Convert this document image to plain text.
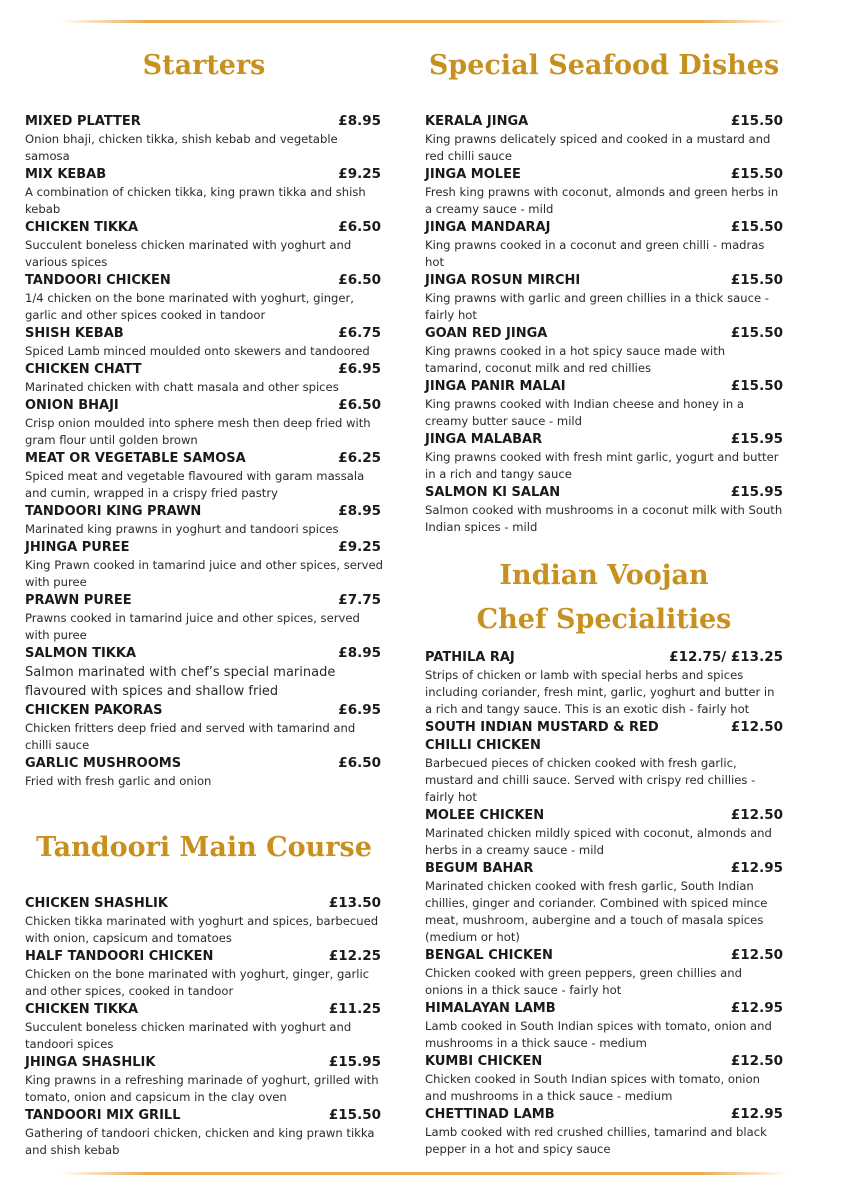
Starters
MIXED PLATTER	£8.95

Onion bhaji, chicken tikka, shish kebab and vegetable samosa

MIX KEBAB	£9.25

A combination of chicken tikka, king prawn tikka and shish kebab

CHICKEN TIKKA	£6.50

Succulent boneless chicken marinated with yoghurt and various spices

TANDOORI CHICKEN	£6.50

1/4 chicken on the bone marinated with yoghurt, ginger, garlic and other spices cooked in tandoor

SHISH KEBAB	£6.75

Spiced Lamb minced moulded onto skewers and tandoored

CHICKEN CHATT	£6.95

Marinated chicken with chatt masala and other spices

ONION BHAJI	£6.50

Crisp onion moulded into sphere mesh then deep fried with gram flour until golden brown

MEAT OR VEGETABLE SAMOSA	£6.25

Spiced meat and vegetable flavoured with garam massala and cumin, wrapped in a crispy fried pastry

TANDOORI KING PRAWN	£8.95

Marinated king prawns in yoghurt and tandoori spices

JHINGA PUREE	£9.25

King Prawn cooked in tamarind juice and other spices, served with puree

PRAWN PUREE	£7.75

Prawns cooked in tamarind juice and other spices, served with puree

SALMON TIKKA	£8.95

Salmon marinated with chef’s special marinade flavoured with spices and shallow fried

CHICKEN PAKORAS	£6.95

Chicken fritters deep fried and served with tamarind and chilli sauce

GARLIC MUSHROOMS	£6.50

Fried with fresh garlic and onion

Tandoori Main Course
CHICKEN SHASHLIK	£13.50

Chicken tikka marinated with yoghurt and spices, barbecued with onion, capsicum and tomatoes

HALF TANDOORI CHICKEN	£12.25

Chicken on the bone marinated with yoghurt, ginger, garlic and other spices, cooked in tandoor

CHICKEN TIKKA	£11.25

Succulent boneless chicken marinated with yoghurt and tandoori spices

JHINGA SHASHLIK	£15.95

King prawns in a refreshing marinade of yoghurt, grilled with tomato, onion and capsicum in the clay oven

TANDOORI MIX GRILL	£15.50

Gathering of tandoori chicken, chicken and king prawn tikka and shish kebab

Special Seafood Dishes
KERALA JINGA	£15.50

King prawns delicately spiced and cooked in a mustard and red chilli sauce

JINGA MOLEE	£15.50

Fresh king prawns with coconut, almonds and green herbs in a creamy sauce - mild

JINGA MANDARAJ	£15.50

King prawns cooked in a coconut and green chilli - madras hot

JINGA ROSUN MIRCHI	£15.50

King prawns with garlic and green chillies in a thick sauce - fairly hot

GOAN RED JINGA	£15.50

King prawns cooked in a hot spicy sauce made with tamarind, coconut milk and red chillies

JINGA PANIR MALAI	£15.50

King prawns cooked with Indian cheese and honey in a creamy butter sauce - mild

JINGA MALABAR	£15.95

King prawns cooked with fresh mint garlic, yogurt and butter in a rich and tangy sauce

SALMON KI SALAN	£15.95

Salmon cooked with mushrooms in a coconut milk with South Indian spices - mild

Indian Voojan
Chef Specialities
PATHILA RAJ	£12.75/ £13.25

Strips of chicken or lamb with special herbs and spices including coriander, fresh mint, garlic, yoghurt and butter in a rich and tangy sauce. This is an exotic dish - fairly hot

SOUTH INDIAN MUSTARD & RED	£12.50
CHILLI CHICKEN

Barbecued pieces of chicken cooked with fresh garlic, mustard and chilli sauce. Served with crispy red chillies - fairly hot

MOLEE CHICKEN	£12.50

Marinated chicken mildly spiced with coconut, almonds and herbs in a creamy sauce - mild

BEGUM BAHAR	£12.95

Marinated chicken cooked with fresh garlic, South Indian chillies, ginger and coriander. Combined with spiced mince meat, mushroom, aubergine and a touch of masala spices (medium or hot)

BENGAL CHICKEN	£12.50

Chicken cooked with green peppers, green chillies and onions in a thick sauce - fairly hot

HIMALAYAN LAMB	£12.95

Lamb cooked in South Indian spices with tomato, onion and mushrooms in a thick sauce - medium

KUMBI CHICKEN	£12.50

Chicken cooked in South Indian spices with tomato, onion and mushrooms in a thick sauce - medium

CHETTINAD LAMB	£12.95

Lamb cooked with red crushed chillies, tamarind and black pepper in a hot and spicy sauce
